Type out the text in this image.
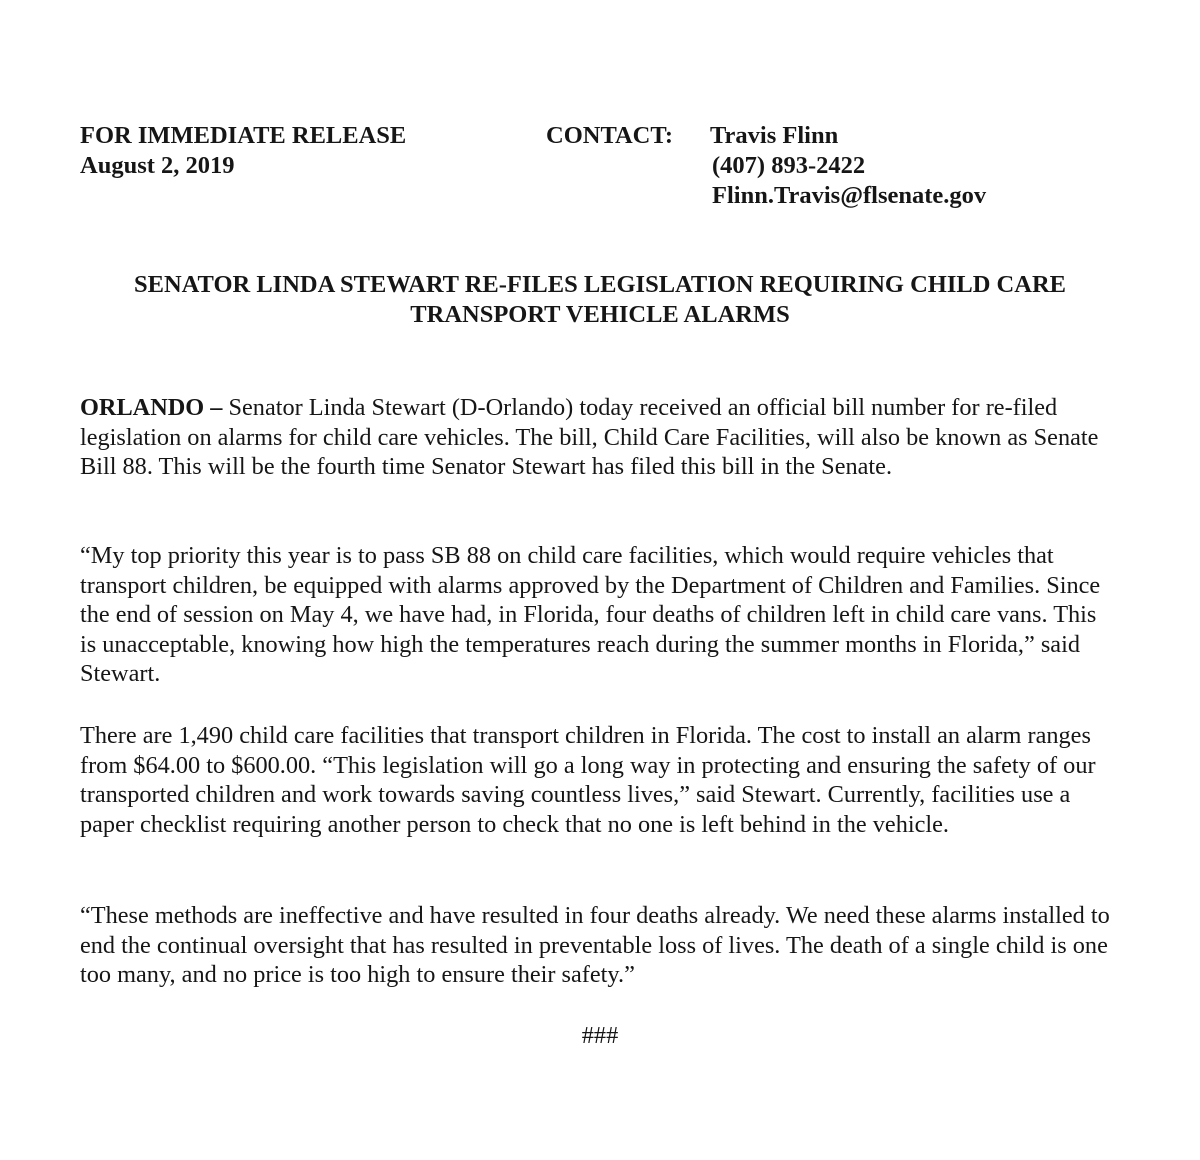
FOR IMMEDIATE RELEASE
August 2, 2019
CONTACT:	Travis Flinn
(407) 893-2422
Flinn.Travis@flsenate.gov
SENATOR LINDA STEWART RE-FILES LEGISLATION REQUIRING CHILD CARE
TRANSPORT VEHICLE ALARMS

ORLANDO – Senator Linda Stewart (D-Orlando) today received an official bill number for re-filed legislation on alarms for child care vehicles. The bill, Child Care Facilities, will also be known as Senate Bill 88. This will be the fourth time Senator Stewart has filed this bill in the Senate.

“My top priority this year is to pass SB 88 on child care facilities, which would require vehicles that transport children, be equipped with alarms approved by the Department of Children and Families. Since the end of session on May 4, we have had, in Florida, four deaths of children left in child care vans. This is unacceptable, knowing how high the temperatures reach during the summer months in Florida,” said Stewart.

There are 1,490 child care facilities that transport children in Florida. The cost to install an alarm ranges from $64.00 to $600.00. “This legislation will go a long way in protecting and ensuring the safety of our transported children and work towards saving countless lives,” said Stewart. Currently, facilities use a paper checklist requiring another person to check that no one is left behind in the vehicle.

“These methods are ineffective and have resulted in four deaths already. We need these alarms installed to end the continual oversight that has resulted in preventable loss of lives. The death of a single child is one too many, and no price is too high to ensure their safety.”

###
